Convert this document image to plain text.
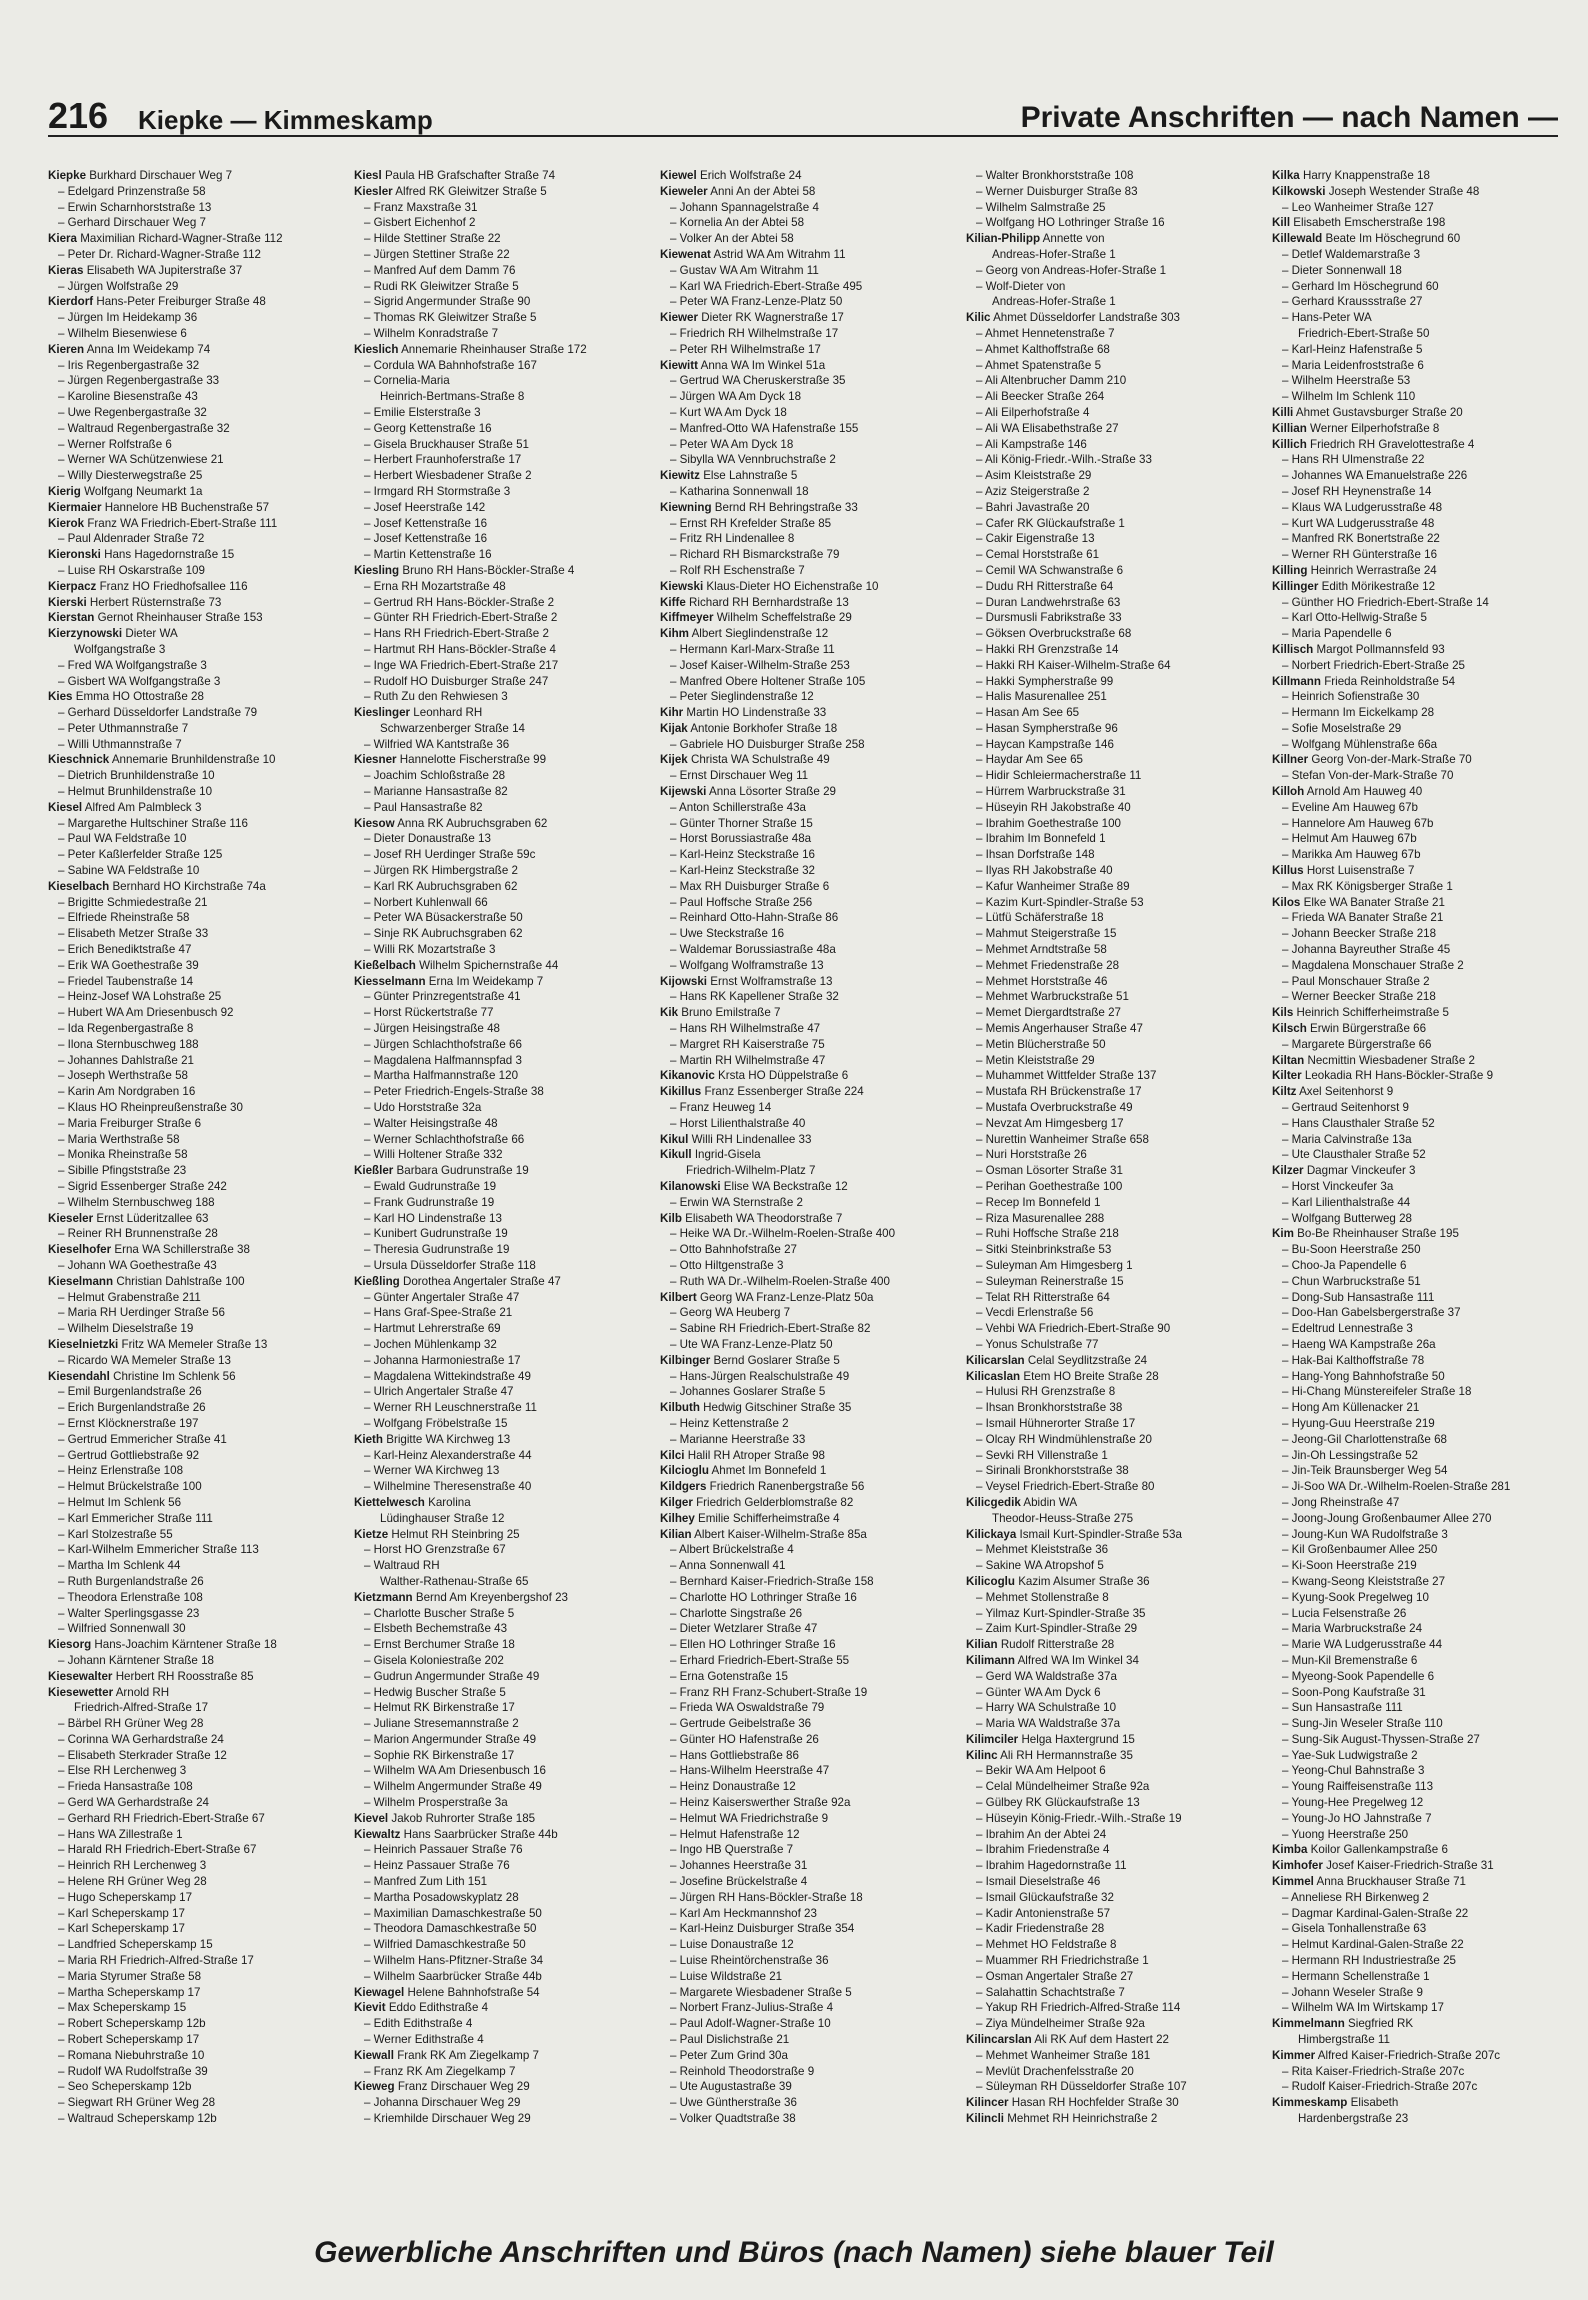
216 Kiepke — Kimmeskamp	Private Anschriften — nach Namen —
Kiepke Burkhard Dirschauer Weg 7
– Edelgard Prinzenstraße 58
– Erwin Scharnhorststraße 13
– Gerhard Dirschauer Weg 7
Kiera Maximilian Richard-Wagner-Straße 112
– Peter Dr. Richard-Wagner-Straße 112
Kieras Elisabeth WA Jupiterstraße 37
– Jürgen Wolfstraße 29
Kierdorf Hans-Peter Freiburger Straße 48
– Jürgen Im Heidekamp 36
– Wilhelm Biesenwiese 6
Kieren Anna Im Weidekamp 74
– Iris Regenbergastraße 32
– Jürgen Regenbergastraße 33
– Karoline Biesenstraße 43
– Uwe Regenbergastraße 32
– Waltraud Regenbergastraße 32
– Werner Rolfstraße 6
– Werner WA Schützenwiese 21
– Willy Diesterwegstraße 25
Kierig Wolfgang Neumarkt 1a
Kiermaier Hannelore HB Buchenstraße 57
Kierok Franz WA Friedrich-Ebert-Straße 111
– Paul Aldenrader Straße 72
Kieronski Hans Hagedornstraße 15
– Luise RH Oskarstraße 109
Kierpacz Franz HO Friedhofsallee 116
Kierski Herbert Rüsternstraße 73
Kierstan Gernot Rheinhauser Straße 153
Kierzynowski Dieter WA
Wolfgangstraße 3
– Fred WA Wolfgangstraße 3
– Gisbert WA Wolfgangstraße 3
Kies Emma HO Ottostraße 28
– Gerhard Düsseldorfer Landstraße 79
– Peter Uthmannstraße 7
– Willi Uthmannstraße 7
Kieschnick Annemarie Brunhildenstraße 10
– Dietrich Brunhildenstraße 10
– Helmut Brunhildenstraße 10
Kiesel Alfred Am Palmbleck 3
– Margarethe Hultschiner Straße 116
– Paul WA Feldstraße 10
– Peter Kaßlerfelder Straße 125
– Sabine WA Feldstraße 10
Kieselbach Bernhard HO Kirchstraße 74a
– Brigitte Schmiedestraße 21
– Elfriede Rheinstraße 58
– Elisabeth Metzer Straße 33
– Erich Benediktstraße 47
– Erik WA Goethestraße 39
– Friedel Taubenstraße 14
– Heinz-Josef WA Lohstraße 25
– Hubert WA Am Driesenbusch 92
– Ida Regenbergastraße 8
– Ilona Sternbuschweg 188
– Johannes Dahlstraße 21
– Joseph Werthstraße 58
– Karin Am Nordgraben 16
– Klaus HO Rheinpreußenstraße 30
– Maria Freiburger Straße 6
– Maria Werthstraße 58
– Monika Rheinstraße 58
– Sibille Pfingststraße 23
– Sigrid Essenberger Straße 242
– Wilhelm Sternbuschweg 188
Kieseler Ernst Lüderitzallee 63
– Reiner RH Brunnenstraße 28
Kieselhofer Erna WA Schillerstraße 38
– Johann WA Goethestraße 43
Kieselmann Christian Dahlstraße 100
– Helmut Grabenstraße 211
– Maria RH Uerdinger Straße 56
– Wilhelm Dieselstraße 19
Kieselnietzki Fritz WA Memeler Straße 13
– Ricardo WA Memeler Straße 13
Kiesendahl Christine Im Schlenk 56
– Emil Burgenlandstraße 26
– Erich Burgenlandstraße 26
– Ernst Klöcknerstraße 197
– Gertrud Emmericher Straße 41
– Gertrud Gottliebstraße 92
– Heinz Erlenstraße 108
– Helmut Brückelstraße 100
– Helmut Im Schlenk 56
– Karl Emmericher Straße 111
– Karl Stolzestraße 55
– Karl-Wilhelm Emmericher Straße 113
– Martha Im Schlenk 44
– Ruth Burgenlandstraße 26
– Theodora Erlenstraße 108
– Walter Sperlingsgasse 23
– Wilfried Sonnenwall 30
Kiesorg Hans-Joachim Kärntener Straße 18
– Johann Kärntener Straße 18
Kiesewalter Herbert RH Roosstraße 85
Kiesewetter Arnold RH
Friedrich-Alfred-Straße 17
– Bärbel RH Grüner Weg 28
– Corinna WA Gerhardstraße 24
– Elisabeth Sterkrader Straße 12
– Else RH Lerchenweg 3
– Frieda Hansastraße 108
– Gerd WA Gerhardstraße 24
– Gerhard RH Friedrich-Ebert-Straße 67
– Hans WA Zillestraße 1
– Harald RH Friedrich-Ebert-Straße 67
– Heinrich RH Lerchenweg 3
– Helene RH Grüner Weg 28
– Hugo Scheperskamp 17
– Karl Scheperskamp 17
– Karl Scheperskamp 17
– Landfried Scheperskamp 15
– Maria RH Friedrich-Alfred-Straße 17
– Maria Styrumer Straße 58
– Martha Scheperskamp 17
– Max Scheperskamp 15
– Robert Scheperskamp 12b
– Robert Scheperskamp 17
– Romana Niebuhrstraße 10
– Rudolf WA Rudolfstraße 39
– Seo Scheperskamp 12b
– Siegwart RH Grüner Weg 28
– Waltraud Scheperskamp 12b
Kiesl Paula HB Grafschafter Straße 74
Kiesler Alfred RK Gleiwitzer Straße 5
– Franz Maxstraße 31
– Gisbert Eichenhof 2
– Hilde Stettiner Straße 22
– Jürgen Stettiner Straße 22
– Manfred Auf dem Damm 76
– Rudi RK Gleiwitzer Straße 5
– Sigrid Angermunder Straße 90
– Thomas RK Gleiwitzer Straße 5
– Wilhelm Konradstraße 7
Kieslich Annemarie Rheinhauser Straße 172
– Cordula WA Bahnhofstraße 167
– Cornelia-Maria
Heinrich-Bertmans-Straße 8
– Emilie Elsterstraße 3
– Georg Kettenstraße 16
– Gisela Bruckhauser Straße 51
– Herbert Fraunhoferstraße 17
– Herbert Wiesbadener Straße 2
– Irmgard RH Stormstraße 3
– Josef Heerstraße 142
– Josef Kettenstraße 16
– Josef Kettenstraße 16
– Martin Kettenstraße 16
Kiesling Bruno RH Hans-Böckler-Straße 4
– Erna RH Mozartstraße 48
– Gertrud RH Hans-Böckler-Straße 2
– Günter RH Friedrich-Ebert-Straße 2
– Hans RH Friedrich-Ebert-Straße 2
– Hartmut RH Hans-Böckler-Straße 4
– Inge WA Friedrich-Ebert-Straße 217
– Rudolf HO Duisburger Straße 247
– Ruth Zu den Rehwiesen 3
Kieslinger Leonhard RH
Schwarzenberger Straße 14
– Wilfried WA Kantstraße 36
Kiesner Hannelotte Fischerstraße 99
– Joachim Schloßstraße 28
– Marianne Hansastraße 82
– Paul Hansastraße 82
Kiesow Anna RK Aubruchsgraben 62
– Dieter Donaustraße 13
– Josef RH Uerdinger Straße 59c
– Jürgen RK Himbergstraße 2
– Karl RK Aubruchsgraben 62
– Norbert Kuhlenwall 66
– Peter WA Büsackerstraße 50
– Sinje RK Aubruchsgraben 62
– Willi RK Mozartstraße 3
Kießelbach Wilhelm Spichernstraße 44
Kiesselmann Erna Im Weidekamp 7
– Günter Prinzregentstraße 41
– Horst Rückertstraße 77
– Jürgen Heisingstraße 48
– Jürgen Schlachthofstraße 66
– Magdalena Halfmannspfad 3
– Martha Halfmannstraße 120
– Peter Friedrich-Engels-Straße 38
– Udo Horststraße 32a
– Walter Heisingstraße 48
– Werner Schlachthofstraße 66
– Willi Holtener Straße 332
Kießler Barbara Gudrunstraße 19
– Ewald Gudrunstraße 19
– Frank Gudrunstraße 19
– Karl HO Lindenstraße 13
– Kunibert Gudrunstraße 19
– Theresia Gudrunstraße 19
– Ursula Düsseldorfer Straße 118
Kießling Dorothea Angertaler Straße 47
– Günter Angertaler Straße 47
– Hans Graf-Spee-Straße 21
– Hartmut Lehrerstraße 69
– Jochen Mühlenkamp 32
– Johanna Harmoniestraße 17
– Magdalena Wittekindstraße 49
– Ulrich Angertaler Straße 47
– Werner RH Leuschnerstraße 11
– Wolfgang Fröbelstraße 15
Kieth Brigitte WA Kirchweg 13
– Karl-Heinz Alexanderstraße 44
– Werner WA Kirchweg 13
– Wilhelmine Theresenstraße 40
Kiettelwesch Karolina
Lüdinghauser Straße 12
Kietze Helmut RH Steinbring 25
– Horst HO Grenzstraße 67
– Waltraud RH
Walther-Rathenau-Straße 65
Kietzmann Bernd Am Kreyenbergshof 23
– Charlotte Buscher Straße 5
– Elsbeth Bechemstraße 43
– Ernst Berchumer Straße 18
– Gisela Koloniestraße 202
– Gudrun Angermunder Straße 49
– Hedwig Buscher Straße 5
– Helmut RK Birkenstraße 17
– Juliane Stresemannstraße 2
– Marion Angermunder Straße 49
– Sophie RK Birkenstraße 17
– Wilhelm WA Am Driesenbusch 16
– Wilhelm Angermunder Straße 49
– Wilhelm Prosperstraße 3a
Kievel Jakob Ruhrorter Straße 185
Kiewaltz Hans Saarbrücker Straße 44b
– Heinrich Passauer Straße 76
– Heinz Passauer Straße 76
– Manfred Zum Lith 151
– Martha Posadowskyplatz 28
– Maximilian Damaschkestraße 50
– Theodora Damaschkestraße 50
– Wilfried Damaschkestraße 50
– Wilhelm Hans-Pfitzner-Straße 34
– Wilhelm Saarbrücker Straße 44b
Kiewagel Helene Bahnhofstraße 54
Kievit Eddo Edithstraße 4
– Edith Edithstraße 4
– Werner Edithstraße 4
Kiewall Frank RK Am Ziegelkamp 7
– Franz RK Am Ziegelkamp 7
Kieweg Franz Dirschauer Weg 29
– Johanna Dirschauer Weg 29
– Kriemhilde Dirschauer Weg 29
Kiewel Erich Wolfstraße 24
Kieweler Anni An der Abtei 58
– Johann Spannagelstraße 4
– Kornelia An der Abtei 58
– Volker An der Abtei 58
Kiewenat Astrid WA Am Witrahm 11
– Gustav WA Am Witrahm 11
– Karl WA Friedrich-Ebert-Straße 495
– Peter WA Franz-Lenze-Platz 50
Kiewer Dieter RK Wagnerstraße 17
– Friedrich RH Wilhelmstraße 17
– Peter RH Wilhelmstraße 17
Kiewitt Anna WA Im Winkel 51a
– Gertrud WA Cheruskerstraße 35
– Jürgen WA Am Dyck 18
– Kurt WA Am Dyck 18
– Manfred-Otto WA Hafenstraße 155
– Peter WA Am Dyck 18
– Sibylla WA Vennbruchstraße 2
Kiewitz Else Lahnstraße 5
– Katharina Sonnenwall 18
Kiewning Bernd RH Behringstraße 33
– Ernst RH Krefelder Straße 85
– Fritz RH Lindenallee 8
– Richard RH Bismarckstraße 79
– Rolf RH Eschenstraße 7
Kiewski Klaus-Dieter HO Eichenstraße 10
Kiffe Richard RH Bernhardstraße 13
Kiffmeyer Wilhelm Scheffelstraße 29
Kihm Albert Sieglindenstraße 12
– Hermann Karl-Marx-Straße 11
– Josef Kaiser-Wilhelm-Straße 253
– Manfred Obere Holtener Straße 105
– Peter Sieglindenstraße 12
Kihr Martin HO Lindenstraße 33
Kijak Antonie Borkhofer Straße 18
– Gabriele HO Duisburger Straße 258
Kijek Christa WA Schulstraße 49
– Ernst Dirschauer Weg 11
Kijewski Anna Lösorter Straße 29
– Anton Schillerstraße 43a
– Günter Thorner Straße 15
– Horst Borussiastraße 48a
– Karl-Heinz Steckstraße 16
– Karl-Heinz Steckstraße 32
– Max RH Duisburger Straße 6
– Paul Hoffsche Straße 256
– Reinhard Otto-Hahn-Straße 86
– Uwe Steckstraße 16
– Waldemar Borussiastraße 48a
– Wolfgang Wolframstraße 13
Kijowski Ernst Wolframstraße 13
– Hans RK Kapellener Straße 32
Kik Bruno Emilstraße 7
– Hans RH Wilhelmstraße 47
– Margret RH Kaiserstraße 75
– Martin RH Wilhelmstraße 47
Kikanovic Krsta HO Düppelstraße 6
Kikillus Franz Essenberger Straße 224
– Franz Heuweg 14
– Horst Lilienthalstraße 40
Kikul Willi RH Lindenallee 33
Kikull Ingrid-Gisela
Friedrich-Wilhelm-Platz 7
Kilanowski Elise WA Beckstraße 12
– Erwin WA Sternstraße 2
Kilb Elisabeth WA Theodorstraße 7
– Heike WA Dr.-Wilhelm-Roelen-Straße 400
– Otto Bahnhofstraße 27
– Otto Hiltgenstraße 3
– Ruth WA Dr.-Wilhelm-Roelen-Straße 400
Kilbert Georg WA Franz-Lenze-Platz 50a
– Georg WA Heuberg 7
– Sabine RH Friedrich-Ebert-Straße 82
– Ute WA Franz-Lenze-Platz 50
Kilbinger Bernd Goslarer Straße 5
– Hans-Jürgen Realschulstraße 49
– Johannes Goslarer Straße 5
Kilbuth Hedwig Gitschiner Straße 35
– Heinz Kettenstraße 2
– Marianne Heerstraße 33
Kilci Halil RH Atroper Straße 98
Kilcioglu Ahmet Im Bonnefeld 1
Kildgers Friedrich Ranenbergstraße 56
Kilger Friedrich Gelderblomstraße 82
Kilhey Emilie Schifferheimstraße 4
Kilian Albert Kaiser-Wilhelm-Straße 85a
– Albert Brückelstraße 4
– Anna Sonnenwall 41
– Bernhard Kaiser-Friedrich-Straße 158
– Charlotte HO Lothringer Straße 16
– Charlotte Singstraße 26
– Dieter Wetzlarer Straße 47
– Ellen HO Lothringer Straße 16
– Erhard Friedrich-Ebert-Straße 55
– Erna Gotenstraße 15
– Franz RH Franz-Schubert-Straße 19
– Frieda WA Oswaldstraße 79
– Gertrude Geibelstraße 36
– Günter HO Hafenstraße 26
– Hans Gottliebstraße 86
– Hans-Wilhelm Heerstraße 47
– Heinz Donaustraße 12
– Heinz Kaiserswerther Straße 92a
– Helmut WA Friedrichstraße 9
– Helmut Hafenstraße 12
– Ingo HB Querstraße 7
– Johannes Heerstraße 31
– Josefine Brückelstraße 4
– Jürgen RH Hans-Böckler-Straße 18
– Karl Am Heckmannshof 23
– Karl-Heinz Duisburger Straße 354
– Luise Donaustraße 12
– Luise Rheintörchenstraße 36
– Luise Wildstraße 21
– Margarete Wiesbadener Straße 5
– Norbert Franz-Julius-Straße 4
– Paul Adolf-Wagner-Straße 10
– Paul Dislichstraße 21
– Peter Zum Grind 30a
– Reinhold Theodorstraße 9
– Ute Augustastraße 39
– Uwe Güntherstraße 36
– Volker Quadtstraße 38
– Walter Bronkhorststraße 108
– Werner Duisburger Straße 83
– Wilhelm Salmstraße 25
– Wolfgang HO Lothringer Straße 16
Kilian-Philipp Annette von
Andreas-Hofer-Straße 1
– Georg von Andreas-Hofer-Straße 1
– Wolf-Dieter von
Andreas-Hofer-Straße 1
Kilic Ahmet Düsseldorfer Landstraße 303
– Ahmet Hennetenstraße 7
– Ahmet Kalthoffstraße 68
– Ahmet Spatenstraße 5
– Ali Altenbrucher Damm 210
– Ali Beecker Straße 264
– Ali Eilperhofstraße 4
– Ali WA Elisabethstraße 27
– Ali Kampstraße 146
– Ali König-Friedr.-Wilh.-Straße 33
– Asim Kleiststraße 29
– Aziz Steigerstraße 2
– Bahri Javastraße 20
– Cafer RK Glückaufstraße 1
– Cakir Eigenstraße 13
– Cemal Horststraße 61
– Cemil WA Schwanstraße 6
– Dudu RH Ritterstraße 64
– Duran Landwehrstraße 63
– Dursmusli Fabrikstraße 33
– Göksen Overbruckstraße 68
– Hakki RH Grenzstraße 14
– Hakki RH Kaiser-Wilhelm-Straße 64
– Hakki Sympherstraße 99
– Halis Masurenallee 251
– Hasan Am See 65
– Hasan Sympherstraße 96
– Haycan Kampstraße 146
– Haydar Am See 65
– Hidir Schleiermacherstraße 11
– Hürrem Warbruckstraße 31
– Hüseyin RH Jakobstraße 40
– Ibrahim Goethestraße 100
– Ibrahim Im Bonnefeld 1
– Ihsan Dorfstraße 148
– Ilyas RH Jakobstraße 40
– Kafur Wanheimer Straße 89
– Kazim Kurt-Spindler-Straße 53
– Lütfü Schäferstraße 18
– Mahmut Steigerstraße 15
– Mehmet Arndtstraße 58
– Mehmet Friedenstraße 28
– Mehmet Horststraße 46
– Mehmet Warbruckstraße 51
– Memet Diergardtstraße 27
– Memis Angerhauser Straße 47
– Metin Blücherstraße 50
– Metin Kleiststraße 29
– Muhammet Wittfelder Straße 137
– Mustafa RH Brückenstraße 17
– Mustafa Overbruckstraße 49
– Nevzat Am Himgesberg 17
– Nurettin Wanheimer Straße 658
– Nuri Horststraße 26
– Osman Lösorter Straße 31
– Perihan Goethestraße 100
– Recep Im Bonnefeld 1
– Riza Masurenallee 288
– Ruhi Hoffsche Straße 218
– Sitki Steinbrinkstraße 53
– Suleyman Am Himgesberg 1
– Suleyman Reinerstraße 15
– Telat RH Ritterstraße 64
– Vecdi Erlenstraße 56
– Vehbi WA Friedrich-Ebert-Straße 90
– Yonus Schulstraße 77
Kilicarslan Celal Seydlitzstraße 24
Kilicaslan Etem HO Breite Straße 28
– Hulusi RH Grenzstraße 8
– Ihsan Bronkhorststraße 38
– Ismail Hühnerorter Straße 17
– Olcay RH Windmühlenstraße 20
– Sevki RH Villenstraße 1
– Sirinali Bronkhorststraße 38
– Veysel Friedrich-Ebert-Straße 80
Kilicgedik Abidin WA
Theodor-Heuss-Straße 275
Kilickaya Ismail Kurt-Spindler-Straße 53a
– Mehmet Kleiststraße 36
– Sakine WA Atropshof 5
Kilicoglu Kazim Alsumer Straße 36
– Mehmet Stollenstraße 8
– Yilmaz Kurt-Spindler-Straße 35
– Zaim Kurt-Spindler-Straße 29
Kilian Rudolf Ritterstraße 28
Kilimann Alfred WA Im Winkel 34
– Gerd WA Waldstraße 37a
– Günter WA Am Dyck 6
– Harry WA Schulstraße 10
– Maria WA Waldstraße 37a
Kilimciler Helga Haxtergrund 15
Kilinc Ali RH Hermannstraße 35
– Bekir WA Am Helpoot 6
– Celal Mündelheimer Straße 92a
– Gülbey RK Glückaufstraße 13
– Hüseyin König-Friedr.-Wilh.-Straße 19
– Ibrahim An der Abtei 24
– Ibrahim Friedenstraße 4
– Ibrahim Hagedornstraße 11
– Ismail Dieselstraße 46
– Ismail Glückaufstraße 32
– Kadir Antonienstraße 57
– Kadir Friedenstraße 28
– Mehmet HO Feldstraße 8
– Muammer RH Friedrichstraße 1
– Osman Angertaler Straße 27
– Salahattin Schachtstraße 7
– Yakup RH Friedrich-Alfred-Straße 114
– Ziya Mündelheimer Straße 92a
Kilincarslan Ali RK Auf dem Hastert 22
– Mehmet Wanheimer Straße 181
– Mevlüt Drachenfelsstraße 20
– Süleyman RH Düsseldorfer Straße 107
Kilincer Hasan RH Hochfelder Straße 30
Kilincli Mehmet RH Heinrichstraße 2
Kilka Harry Knappenstraße 18
Kilkowski Joseph Westender Straße 48
– Leo Wanheimer Straße 127
Kill Elisabeth Emscherstraße 198
Killewald Beate Im Höschegrund 60
– Detlef Waldemarstraße 3
– Dieter Sonnenwall 18
– Gerhard Im Höschegrund 60
– Gerhard Kraussstraße 27
– Hans-Peter WA
Friedrich-Ebert-Straße 50
– Karl-Heinz Hafenstraße 5
– Maria Leidenfroststraße 6
– Wilhelm Heerstraße 53
– Wilhelm Im Schlenk 110
Killi Ahmet Gustavsburger Straße 20
Killian Werner Eilperhofstraße 8
Killich Friedrich RH Gravelottestraße 4
– Hans RH Ulmenstraße 22
– Johannes WA Emanuelstraße 226
– Josef RH Heynenstraße 14
– Klaus WA Ludgerusstraße 48
– Kurt WA Ludgerusstraße 48
– Manfred RK Bonertstraße 22
– Werner RH Günterstraße 16
Killing Heinrich Werrastraße 24
Killinger Edith Mörikestraße 12
– Günther HO Friedrich-Ebert-Straße 14
– Karl Otto-Hellwig-Straße 5
– Maria Papendelle 6
Killisch Margot Pollmannsfeld 93
– Norbert Friedrich-Ebert-Straße 25
Killmann Frieda Reinholdstraße 54
– Heinrich Sofienstraße 30
– Hermann Im Eickelkamp 28
– Sofie Moselstraße 29
– Wolfgang Mühlenstraße 66a
Killner Georg Von-der-Mark-Straße 70
– Stefan Von-der-Mark-Straße 70
Killoh Arnold Am Hauweg 40
– Eveline Am Hauweg 67b
– Hannelore Am Hauweg 67b
– Helmut Am Hauweg 67b
– Marikka Am Hauweg 67b
Killus Horst Luisenstraße 7
– Max RK Königsberger Straße 1
Kilos Elke WA Banater Straße 21
– Frieda WA Banater Straße 21
– Johann Beecker Straße 218
– Johanna Bayreuther Straße 45
– Magdalena Monschauer Straße 2
– Paul Monschauer Straße 2
– Werner Beecker Straße 218
Kils Heinrich Schifferheimstraße 5
Kilsch Erwin Bürgerstraße 66
– Margarete Bürgerstraße 66
Kiltan Necmittin Wiesbadener Straße 2
Kilter Leokadia RH Hans-Böckler-Straße 9
Kiltz Axel Seitenhorst 9
– Gertraud Seitenhorst 9
– Hans Clausthaler Straße 52
– Maria Calvinstraße 13a
– Ute Clausthaler Straße 52
Kilzer Dagmar Vinckeufer 3
– Horst Vinckeufer 3a
– Karl Lilienthalstraße 44
– Wolfgang Butterweg 28
Kim Bo-Be Rheinhauser Straße 195
– Bu-Soon Heerstraße 250
– Choo-Ja Papendelle 6
– Chun Warbruckstraße 51
– Dong-Sub Hansastraße 111
– Doo-Han Gabelsbergerstraße 37
– Edeltrud Lennestraße 3
– Haeng WA Kampstraße 26a
– Hak-Bai Kalthoffstraße 78
– Hang-Yong Bahnhofstraße 50
– Hi-Chang Münstereifeler Straße 18
– Hong Am Küllenacker 21
– Hyung-Guu Heerstraße 219
– Jeong-Gil Charlottenstraße 68
– Jin-Oh Lessingstraße 52
– Jin-Teik Braunsberger Weg 54
– Ji-Soo WA Dr.-Wilhelm-Roelen-Straße 281
– Jong Rheinstraße 47
– Joong-Joung Großenbaumer Allee 270
– Joung-Kun WA Rudolfstraße 3
– Kil Großenbaumer Allee 250
– Ki-Soon Heerstraße 219
– Kwang-Seong Kleiststraße 27
– Kyung-Sook Pregelweg 10
– Lucia Felsenstraße 26
– Maria Warbruckstraße 24
– Marie WA Ludgerusstraße 44
– Mun-Kil Bremenstraße 6
– Myeong-Sook Papendelle 6
– Soon-Pong Kaufstraße 31
– Sun Hansastraße 111
– Sung-Jin Weseler Straße 110
– Sung-Sik August-Thyssen-Straße 27
– Yae-Suk Ludwigstraße 2
– Yeong-Chul Bahnstraße 3
– Young Raiffeisenstraße 113
– Young-Hee Pregelweg 12
– Young-Jo HO Jahnstraße 7
– Yuong Heerstraße 250
Kimba Koilor Gallenkampstraße 6
Kimhofer Josef Kaiser-Friedrich-Straße 31
Kimmel Anna Bruckhauser Straße 71
– Anneliese RH Birkenweg 2
– Dagmar Kardinal-Galen-Straße 22
– Gisela Tonhallenstraße 63
– Helmut Kardinal-Galen-Straße 22
– Hermann RH Industriestraße 25
– Hermann Schellenstraße 1
– Johann Weseler Straße 9
– Wilhelm WA Im Wirtskamp 17
Kimmelmann Siegfried RK
Himbergstraße 11
Kimmer Alfred Kaiser-Friedrich-Straße 207c
– Rita Kaiser-Friedrich-Straße 207c
– Rudolf Kaiser-Friedrich-Straße 207c
Kimmeskamp Elisabeth
Hardenbergstraße 23
Gewerbliche Anschriften und Büros (nach Namen) siehe blauer Teil
